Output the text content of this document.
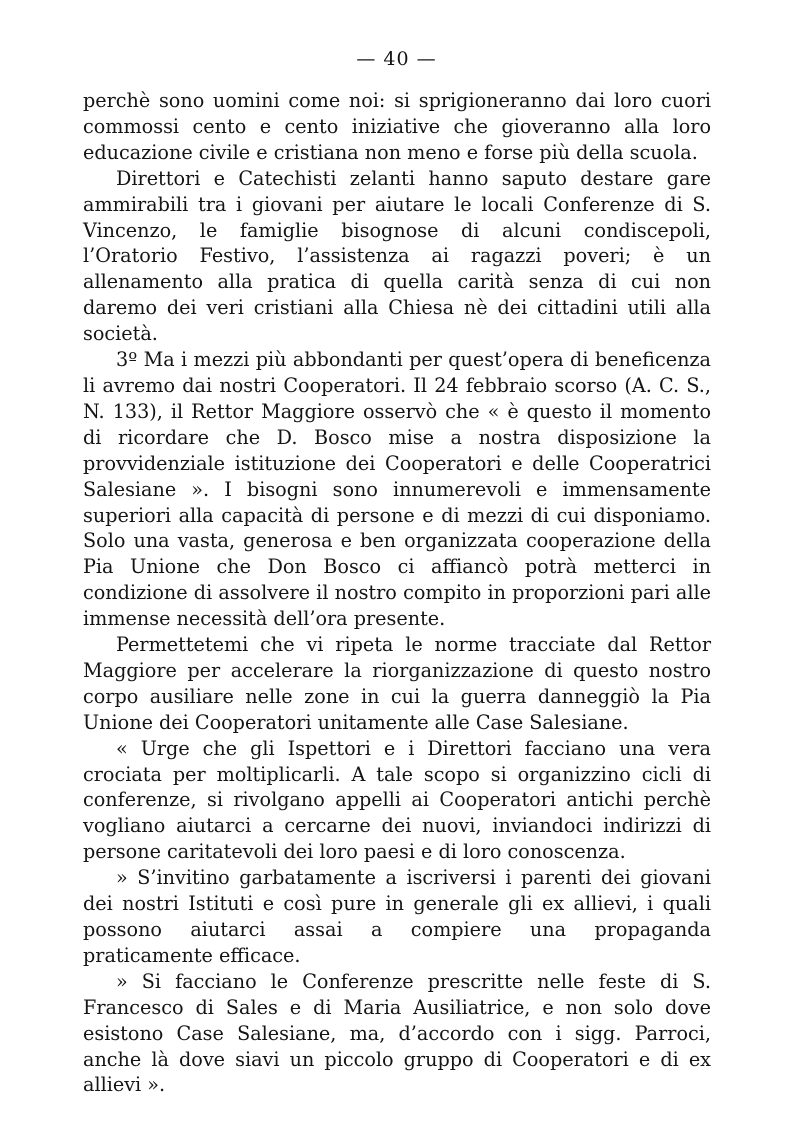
— 40 —

perchè sono uomini come noi: si sprigioneranno dai loro cuori commossi cento e cento iniziative che gioveranno alla loro educazione civile e cristiana non meno e forse più della scuola.

Direttori e Catechisti zelanti hanno saputo destare gare ammirabili tra i giovani per aiutare le locali Conferenze di S. Vincenzo, le famiglie bisognose di alcuni condiscepoli, l’Oratorio Festivo, l’assistenza ai ragazzi poveri; è un allenamento alla pratica di quella carità senza di cui non daremo dei veri cristiani alla Chiesa nè dei cittadini utili alla società.

3º Ma i mezzi più abbondanti per quest’opera di beneficenza li avremo dai nostri Cooperatori. Il 24 febbraio scorso (A. C. S., N. 133), il Rettor Maggiore osservò che « è questo il momento di ricordare che D. Bosco mise a nostra disposizione la provvidenziale istituzione dei Cooperatori e delle Cooperatrici Salesiane ». I bisogni sono innumerevoli e immensamente superiori alla capacità di persone e di mezzi di cui disponiamo. Solo una vasta, generosa e ben organizzata cooperazione della Pia Unione che Don Bosco ci affiancò potrà metterci in condizione di assolvere il nostro compito in proporzioni pari alle immense necessità dell’ora presente.

Permettetemi che vi ripeta le norme tracciate dal Rettor Maggiore per accelerare la riorganizzazione di questo nostro corpo ausiliare nelle zone in cui la guerra danneggiò la Pia Unione dei Cooperatori unitamente alle Case Salesiane.

« Urge che gli Ispettori e i Direttori facciano una vera crociata per moltiplicarli. A tale scopo si organizzino cicli di conferenze, si rivolgano appelli ai Cooperatori antichi perchè vogliano aiutarci a cercarne dei nuovi, inviandoci indirizzi di persone caritatevoli dei loro paesi e di loro conoscenza.

» S’invitino garbatamente a iscriversi i parenti dei giovani dei nostri Istituti e così pure in generale gli ex allievi, i quali possono aiutarci assai a compiere una propaganda praticamente efficace.

» Si facciano le Conferenze prescritte nelle feste di S. Francesco di Sales e di Maria Ausiliatrice, e non solo dove esistono Case Salesiane, ma, d’accordo con i sigg. Parroci, anche là dove siavi un piccolo gruppo di Cooperatori e di ex allievi ».
